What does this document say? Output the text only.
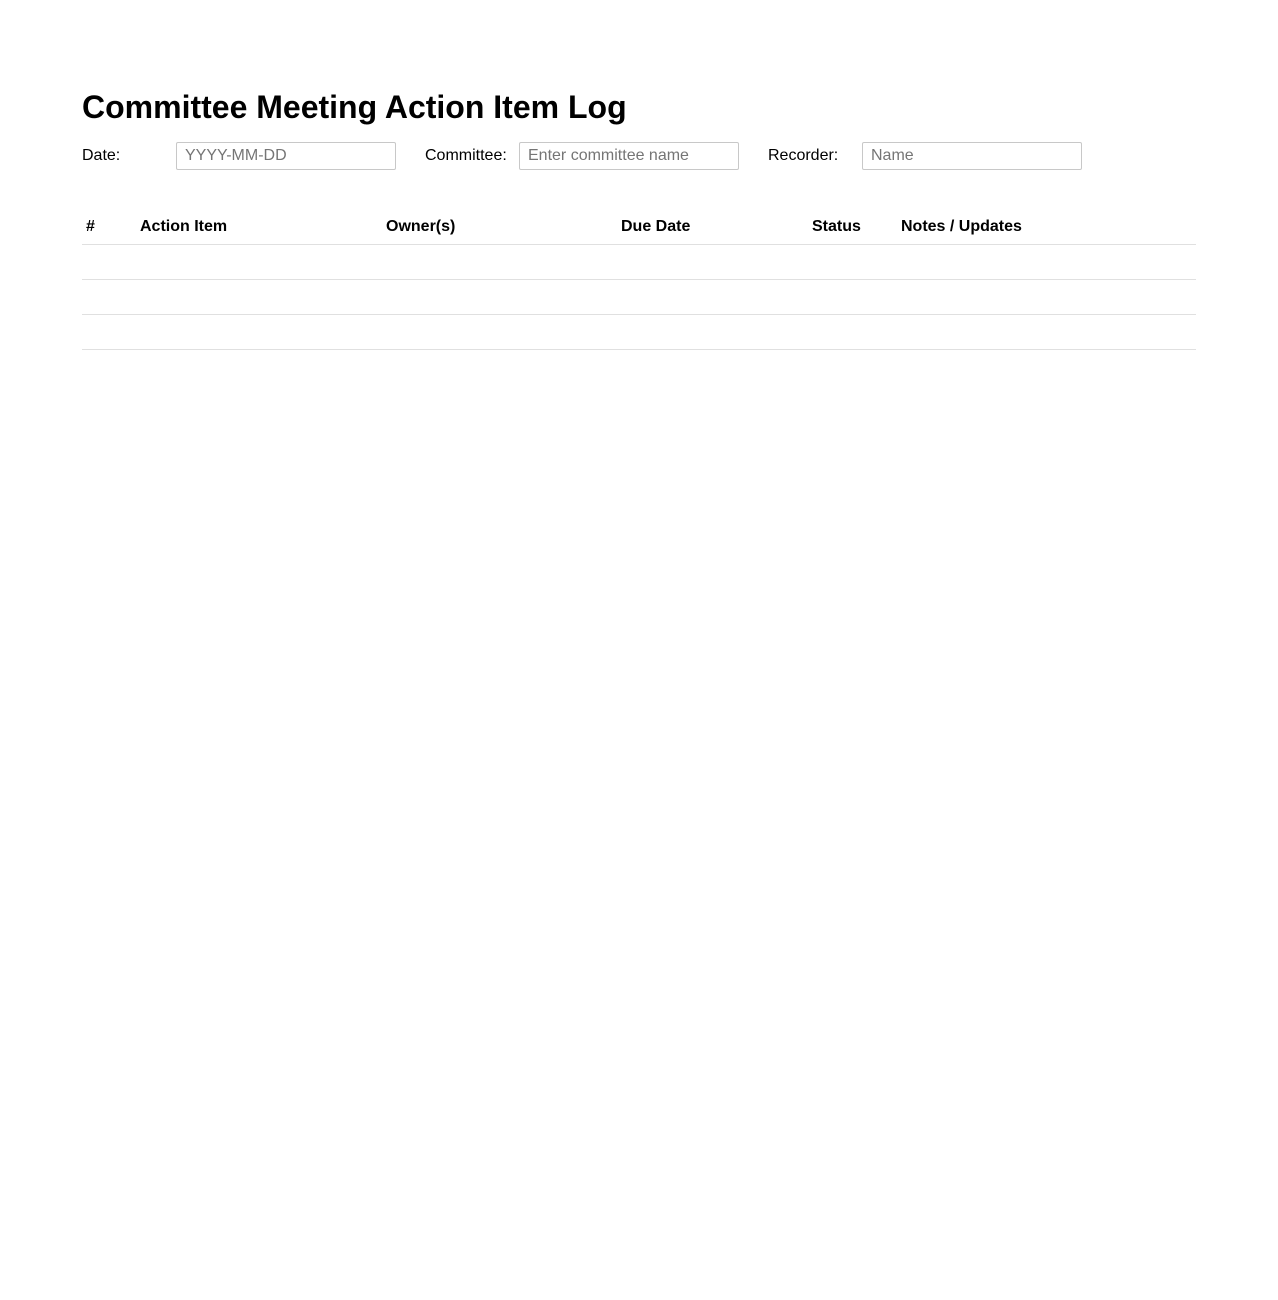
Committee Meeting Action Item Log
Date:
YYYY-MM-DD	Committee:
Enter committee name	Recorder:
Name
#	Action Item	Owner(s)	Due Date	Status	Notes / Updates
